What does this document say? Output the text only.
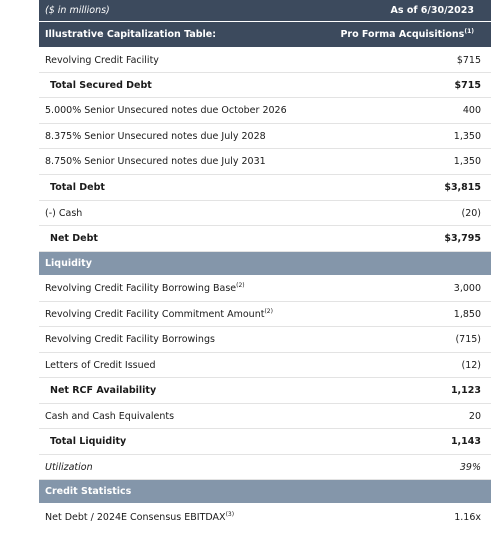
($ in millions)	As of 6/30/2023
Illustrative Capitalization Table:	Pro Forma Acquisitions$^{(1)}$
Revolving Credit Facility	$715
Total Secured Debt	$715
5.000% Senior Unsecured notes due October 2026	400
8.375% Senior Unsecured notes due July 2028	1,350
8.750% Senior Unsecured notes due July 2031	1,350
Total Debt	$3,815
(-) Cash	(20)
Net Debt	$3,795
Liquidity
Revolving Credit Facility Borrowing Base$^{(2)}$	3,000
Revolving Credit Facility Commitment Amount$^{(2)}$	1,850
Revolving Credit Facility Borrowings	(715)
Letters of Credit Issued	(12)
Net RCF Availability	1,123
Cash and Cash Equivalents	20
Total Liquidity	1,143
Utilization	39%
Credit Statistics
Net Debt / 2024E Consensus EBITDAX$^{(3)}$	1.16x
